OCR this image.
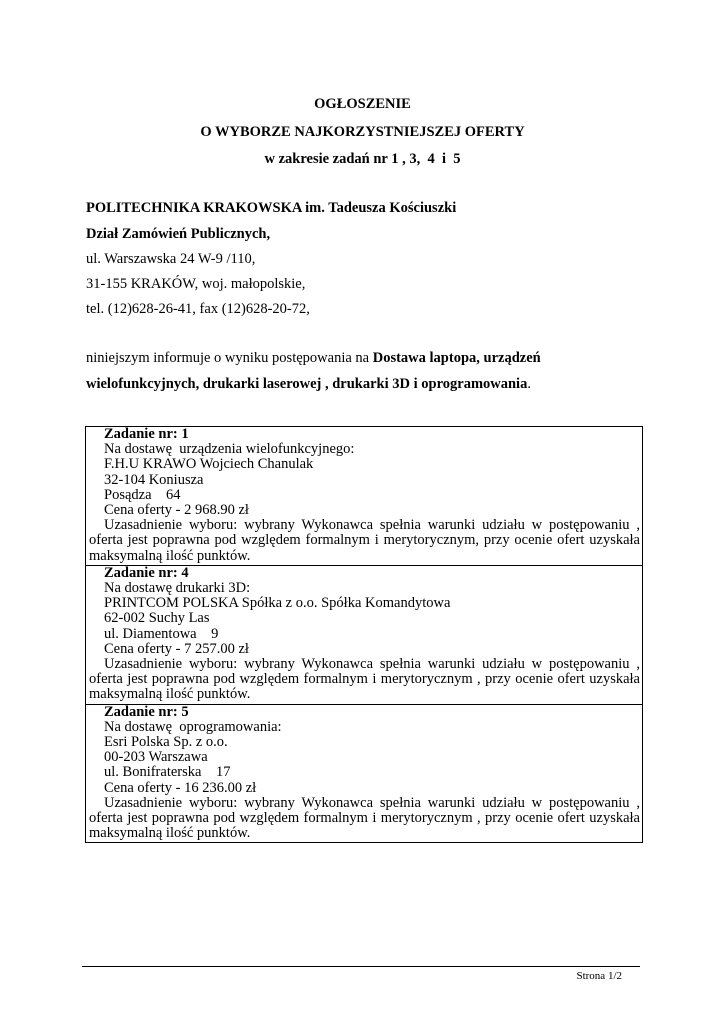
OGŁOSZENIE
O WYBORZE NAJKORZYSTNIEJSZEJ OFERTY
w zakresie zadań nr 1 , 3,  4  i  5
POLITECHNIKA KRAKOWSKA im. Tadeusza Kościuszki
Dział Zamówień Publicznych,
ul. Warszawska 24 W-9 /110,
31-155 KRAKÓW, woj. małopolskie,
tel. (12)628-26-41, fax (12)628-20-72,
niniejszym informuje o wyniku postępowania na Dostawa laptopa, urządzeń
wielofunkcyjnych, drukarki laserowej , drukarki 3D i oprogramowania.
Zadanie nr: 1
Na dostawę  urządzenia wielofunkcyjnego:
F.H.U KRAWO Wojciech Chanulak
32-104 Koniusza
Posądza    64
Cena oferty - 2 968.90 zł
Uzasadnienie wyboru: wybrany Wykonawca spełnia warunki udziału w postępowaniu ,
oferta jest poprawna pod względem formalnym i merytorycznym, przy ocenie ofert uzyskała
maksymalną ilość punktów.
Zadanie nr: 4
Na dostawę drukarki 3D:
PRINTCOM POLSKA Spółka z o.o. Spółka Komandytowa
62-002 Suchy Las
ul. Diamentowa    9
Cena oferty - 7 257.00 zł
Uzasadnienie wyboru: wybrany Wykonawca spełnia warunki udziału w postępowaniu ,
oferta jest poprawna pod względem formalnym i merytorycznym , przy ocenie ofert uzyskała
maksymalną ilość punktów.
Zadanie nr: 5
Na dostawę  oprogramowania:
Esri Polska Sp. z o.o.
00-203 Warszawa
ul. Bonifraterska    17
Cena oferty - 16 236.00 zł
Uzasadnienie wyboru: wybrany Wykonawca spełnia warunki udziału w postępowaniu ,
oferta jest poprawna pod względem formalnym i merytorycznym , przy ocenie ofert uzyskała
maksymalną ilość punktów.
Strona 1/2
